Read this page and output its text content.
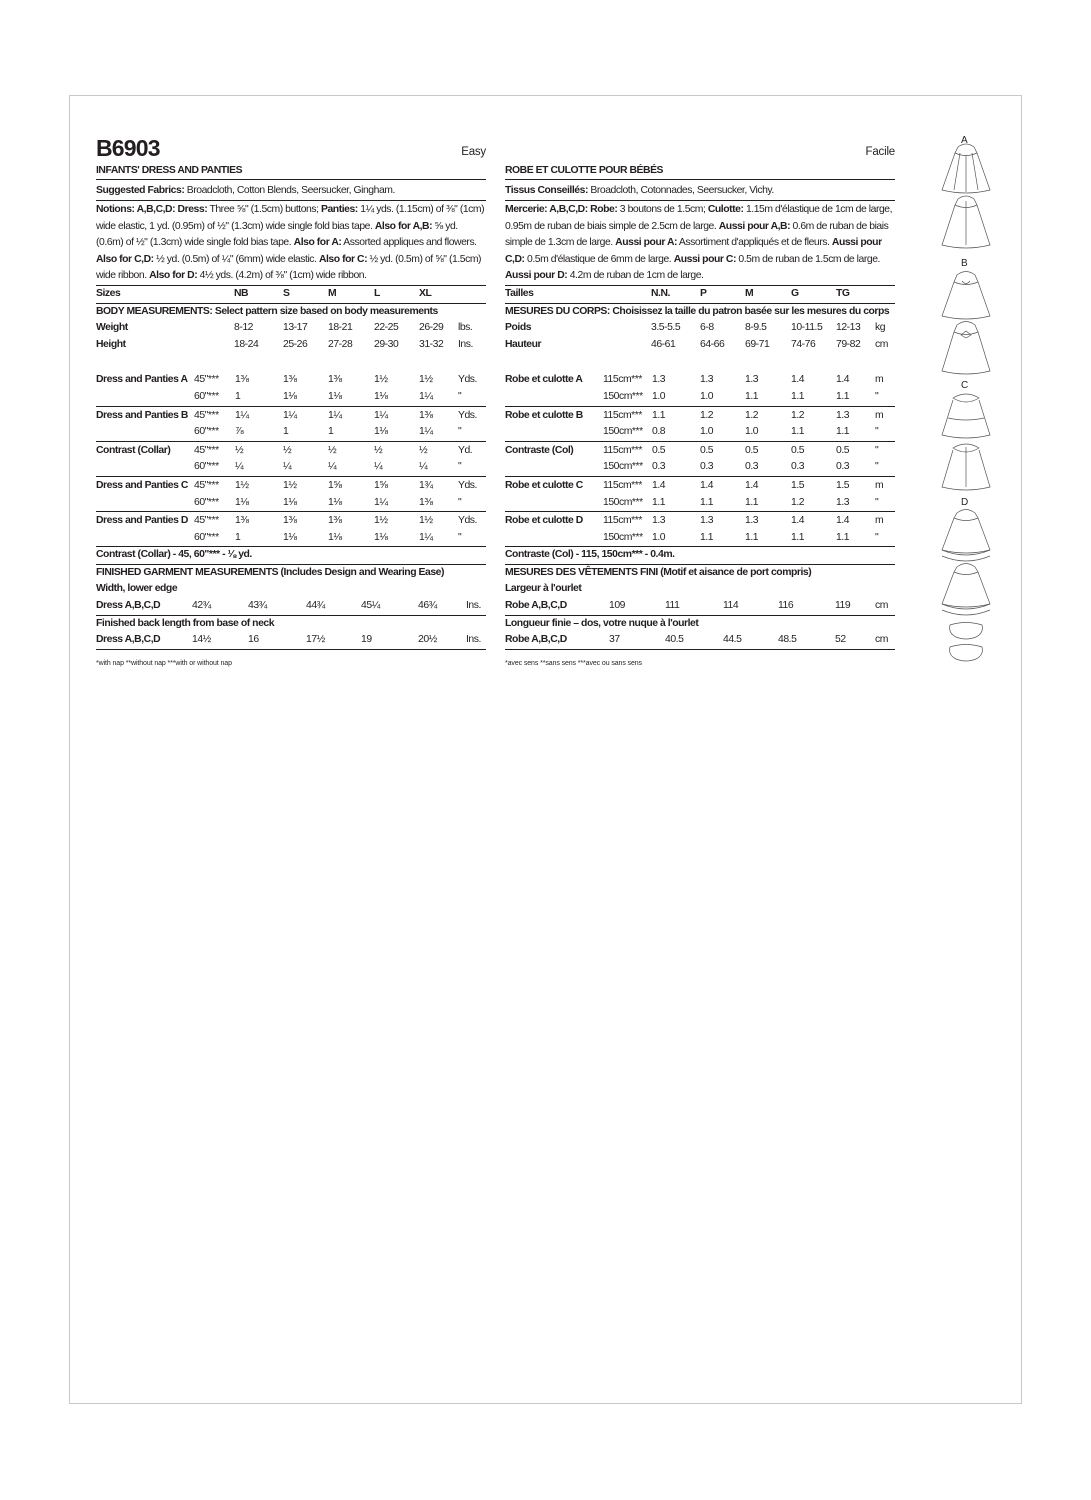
B6903	Easy
INFANTS' DRESS AND PANTIES
Suggested Fabrics: Broadcloth, Cotton Blends, Seersucker, Gingham.
Notions: A,B,C,D: Dress: Three ⅝" (1.5cm) buttons; Panties: 1¼ yds. (1.15cm) of ⅜" (1cm) wide elastic, 1 yd. (0.95m) of ½" (1.3cm) wide single fold bias tape. Also for A,B: ⅝ yd. (0.6m) of ½" (1.3cm) wide single fold bias tape. Also for A: Assorted appliques and flowers. Also for C,D: ½ yd. (0.5m) of ¼" (6mm) wide elastic. Also for C: ½ yd. (0.5m) of ⅝" (1.5cm) wide ribbon. Also for D: 4½ yds. (4.2m) of ⅜" (1cm) wide ribbon.
Sizes	NB	S	M	L	XL
BODY MEASUREMENTS: Select pattern size based on body measurements
Weight	8-12	13-17 18-21 22-25 26-29 lbs.
Height	18-24 25-26 27-28 29-30 31-32 Ins.
Dress and Panties A 45"*** 1⅜	1⅜	1⅜	1½	1½ Yds.
60"*** 1	1⅛	1⅛	1⅛	1¼ "
Dress and Panties B 45"*** 1¼	1¼	1¼	1¼	1⅜ Yds.
60"*** ⅞	1	1	1⅛	1¼ "
Contrast (Collar) 45"*** ½	½	½	½	½	Yd.
60"*** ¼	¼	¼	¼	¼	"
Dress and Panties C 45"*** 1½	1½	1⅝	1⅝	1¾ Yds.
60"*** 1⅛	1⅛	1⅛	1¼	1⅜ "
Dress and Panties D 45"*** 1⅜	1⅜	1⅜	1½	1½ Yds.
60"*** 1	1⅛	1⅛	1⅛	1¼ "
Contrast (Collar) - 45, 60"*** - ⅛ yd.
FINISHED GARMENT MEASUREMENTS (Includes Design and Wearing Ease)
Width, lower edge
Dress A,B,C,D	42¾	43¾	44¾	45¼	46¾	Ins.
Finished back length from base of neck
Dress A,B,C,D	14½	16	17½	19	20½	Ins.
*with nap **without nap ***with or without nap
Facile
ROBE ET CULOTTE POUR BÉBÉS
Tissus Conseillés: Broadcloth, Cotonnades, Seersucker, Vichy.
Mercerie: A,B,C,D: Robe: 3 boutons de 1.5cm; Culotte: 1.15m d'élastique de 1cm de large, 0.95m de ruban de biais simple de 2.5cm de large. Aussi pour A,B: 0.6m de ruban de biais simple de 1.3cm de large. Aussi pour A: Assortiment d'appliqués et de fleurs. Aussi pour C,D: 0.5m d'élastique de 6mm de large. Aussi pour C: 0.5m de ruban de 1.5cm de large. Aussi pour D: 4.2m de ruban de 1cm de large.
Tailles	N.N.	P	M	G	TG
MESURES DU CORPS: Choisissez la taille du patron basée sur les mesures du corps
Poids	3.5-5.5 6-8	8-9.5 10-11.5 12-13 kg
Hauteur	46-61 64-66 69-71 74-76 79-82 cm
Robe et culotte A 115cm*** 1.3	1.3	1.3	1.4	1.4 m
150cm*** 1.0	1.0	1.1	1.1	1.1 "
Robe et culotte B 115cm*** 1.1	1.2	1.2	1.2	1.3 m
150cm*** 0.8	1.0	1.0	1.1	1.1 "
Contraste (Col)	115cm*** 0.5	0.5	0.5	0.5	0.5 "
150cm*** 0.3	0.3	0.3	0.3	0.3 "
Robe et culotte C 115cm*** 1.4	1.4	1.4	1.5	1.5 m
150cm*** 1.1	1.1	1.1	1.2	1.3 "
Robe et culotte D 115cm*** 1.3	1.3	1.3	1.4	1.4 m
150cm*** 1.0	1.1	1.1	1.1	1.1 "
Contraste (Col) - 115, 150cm*** - 0.4m.
MESURES DES VÊTEMENTS FINI (Motif et aisance de port compris)
Largeur à l'ourlet
Robe A,B,C,D	109	111	114	116	119 cm
Longueur finie – dos, votre nuque à l'ourlet
Robe A,B,C,D	37	40.5	44.5	48.5	52	cm
*avec sens **sans sens ***avec ou sans sens
A
B
C
D
